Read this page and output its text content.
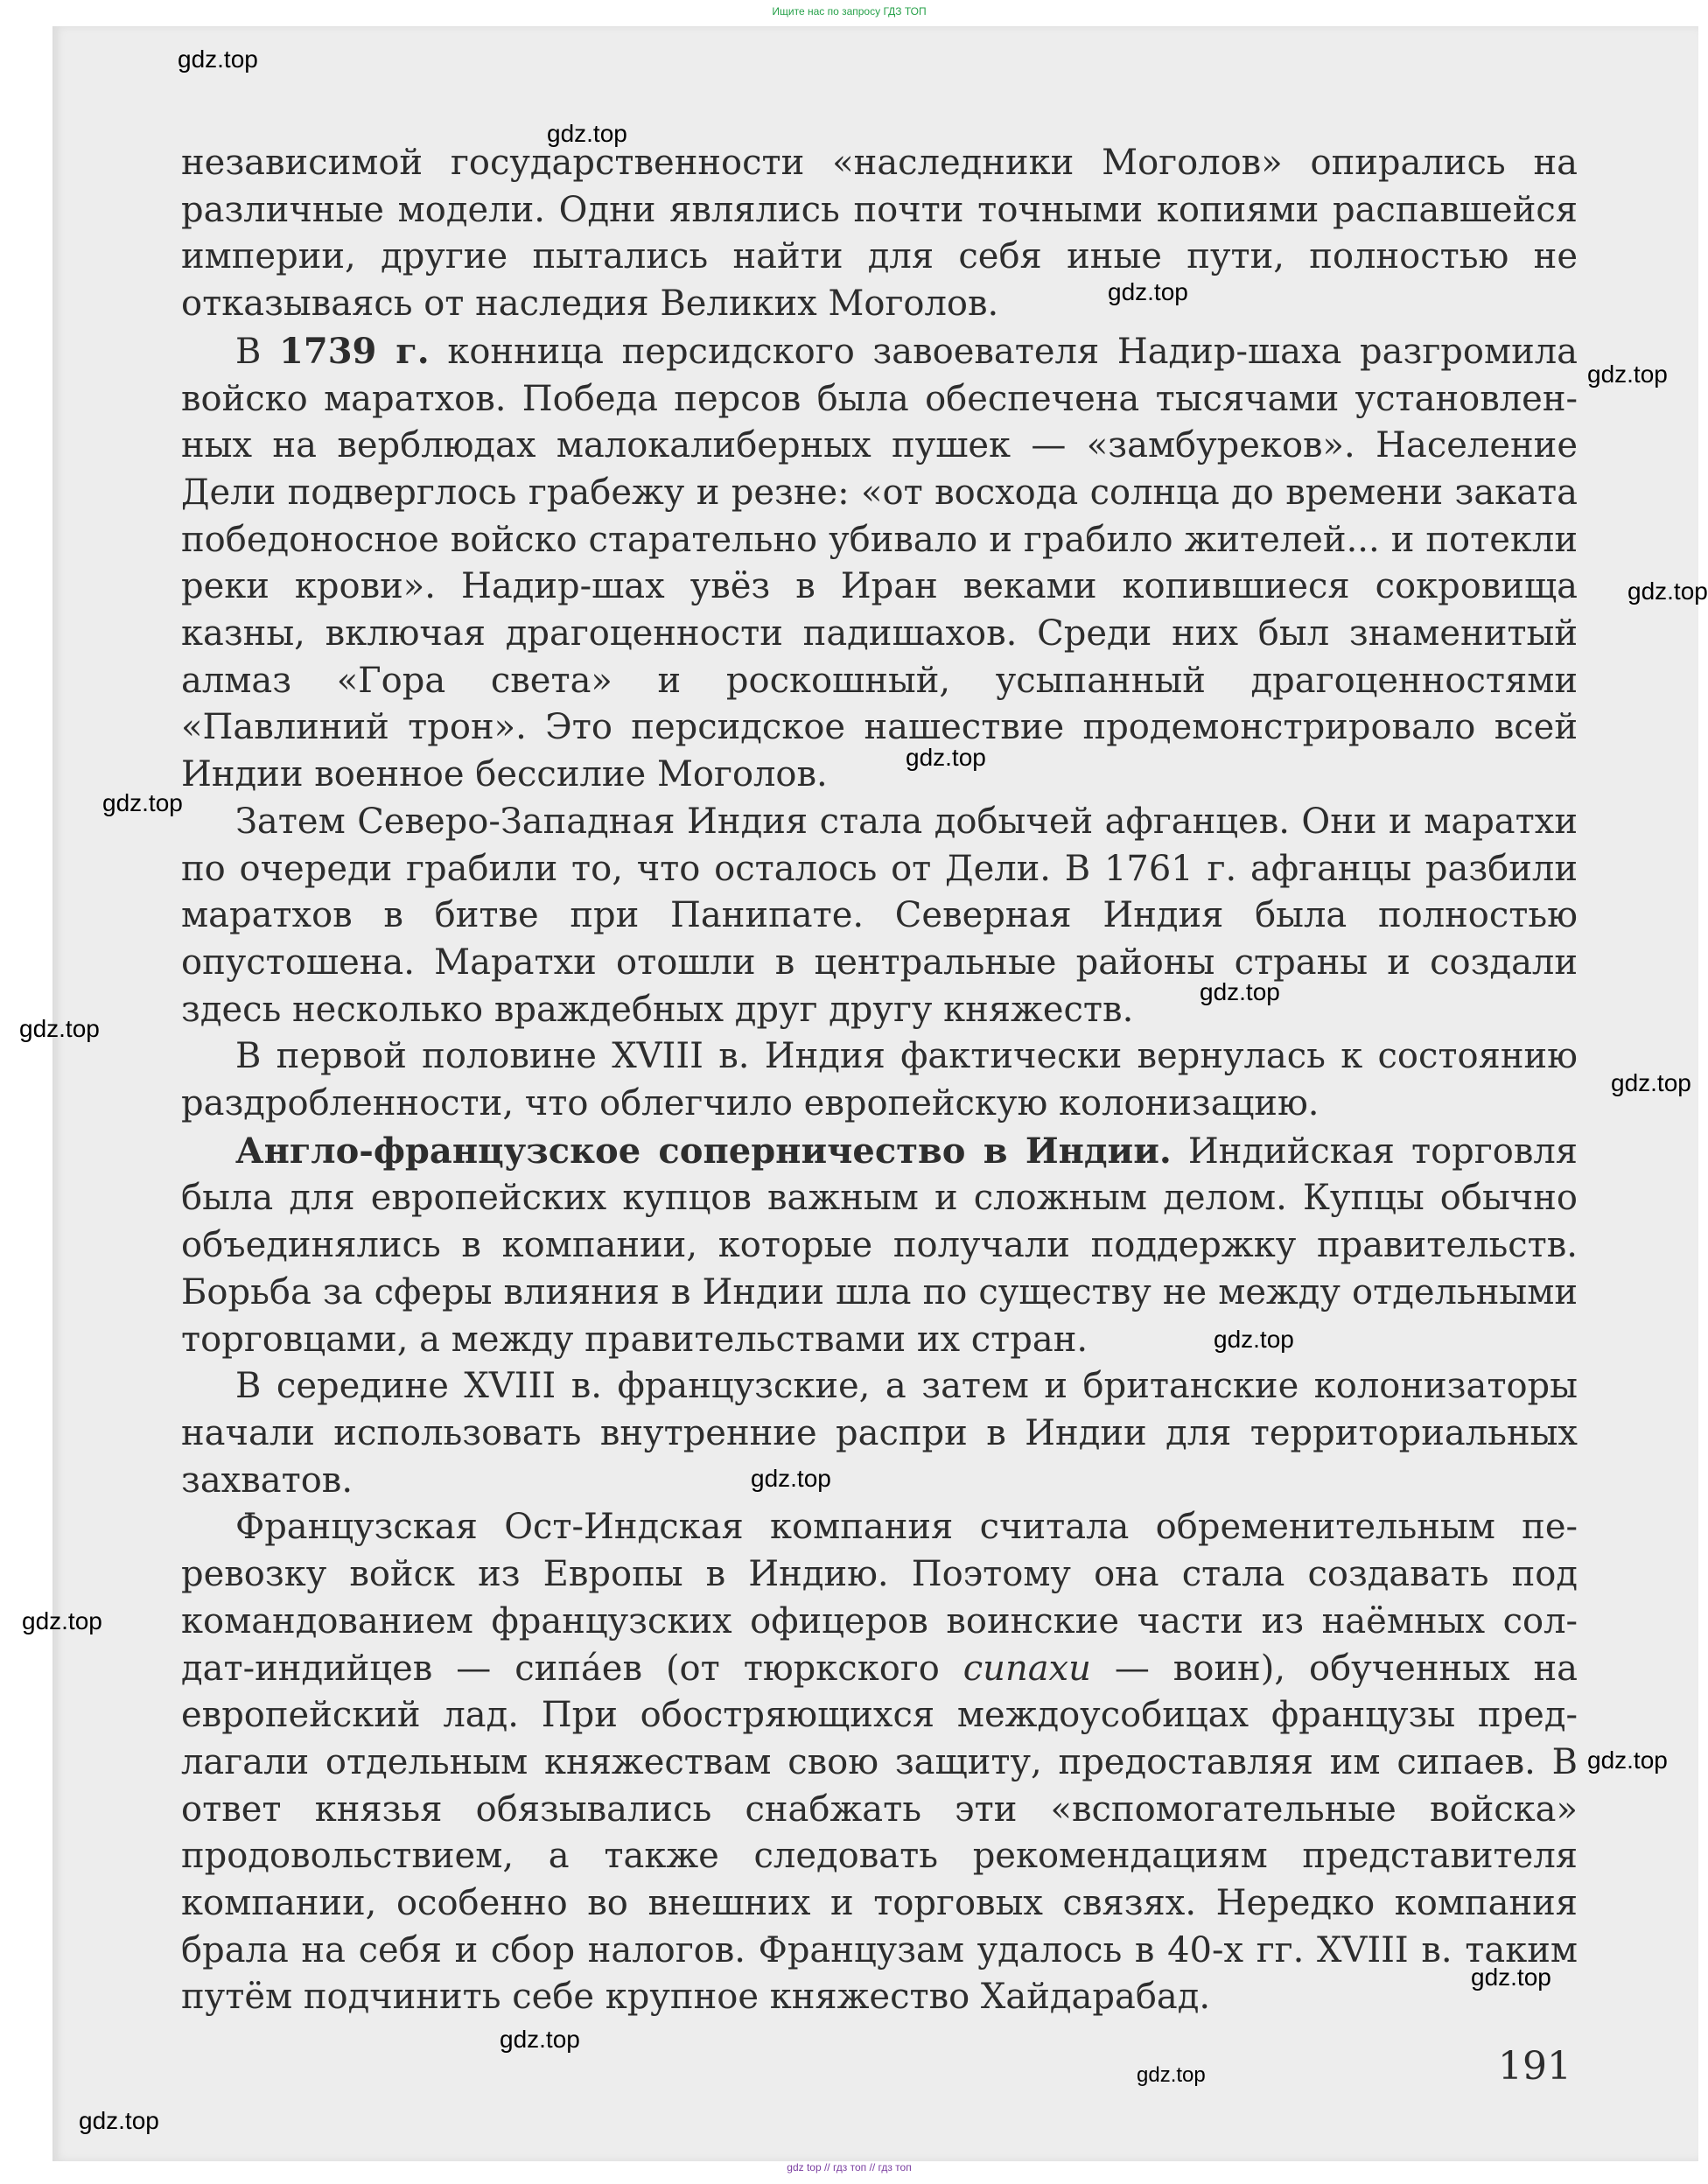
Ищите нас по запросу ГДЗ ТОП

независимой государственности «наследники Моголов» опирались на различные модели. Одни являлись почти точными копиями распавшейся империи, другие пытались найти для себя иные пути, полностью не отказываясь от наследия Великих Моголов.

В 1739 г. конница персидского завоевателя Надир-шаха разгромила войско маратхов. Победа персов была обеспечена тысячами установленных на верблюдах малокалиберных пушек — «замбуреков». Население Дели подверглось грабежу и резне: «от восхода солнца до времени заката победоносное войско старательно убивало и грабило жителей... и потекли реки крови». Надир-шах увёз в Иран веками копившиеся сокровища казны, включая драгоценности падишахов. Среди них был знаменитый алмаз «Гора света» и роскошный, усыпанный драгоценностями «Павлиний трон». Это персидское нашествие продемонстрировало всей Индии военное бессилие Моголов.

Затем Северо-Западная Индия стала добычей афганцев. Они и маратхи по очереди грабили то, что осталось от Дели. В 1761 г. афганцы разбили маратхов в битве при Панипате. Северная Индия была полностью опустошена. Маратхи отошли в центральные районы страны и создали здесь несколько враждебных друг другу княжеств.

В первой половине XVIII в. Индия фактически вернулась к состоянию раздробленности, что облегчило европейскую колонизацию.

Англо-французское соперничество в Индии. Индийская торговля была для европейских купцов важным и сложным делом. Купцы обычно объединялись в компании, которые получали поддержку правительств. Борьба за сферы влияния в Индии шла по существу не между отдельными торговцами, а между правительствами их стран.

В середине XVIII в. французские, а затем и британские колонизаторы начали использовать внутренние распри в Индии для территориальных захватов.

Французская Ост-Индская компания считала обременительным перевозку войск из Европы в Индию. Поэтому она стала создавать под командованием французских офицеров воинские части из наёмных солдат-индийцев — сипа́ев (от тюркского сипахи — воин), обученных на европейский лад. При обостряющихся междоусобицах французы предлагали отдельным княжествам свою защиту, предоставляя им сипаев. В ответ князья обязывались снабжать эти «вспомогательные войска» продовольствием, а также следовать рекомендациям представителя компании, особенно во внешних и торговых связях. Нередко компания брала на себя и сбор налогов. Французам удалось в 40-х гг. XVIII в. таким путём подчинить себе крупное княжество Хайдарабад.

191
gdz.top
gdz.top
gdz.top
gdz.top
gdz.top
gdz.top
gdz.top
gdz.top
gdz.top
gdz.top
gdz.top
gdz.top
gdz.top
gdz.top
gdz.top
gdz.top
gdz.top
gdz.top
gdz top // гдз топ // гдз топ
